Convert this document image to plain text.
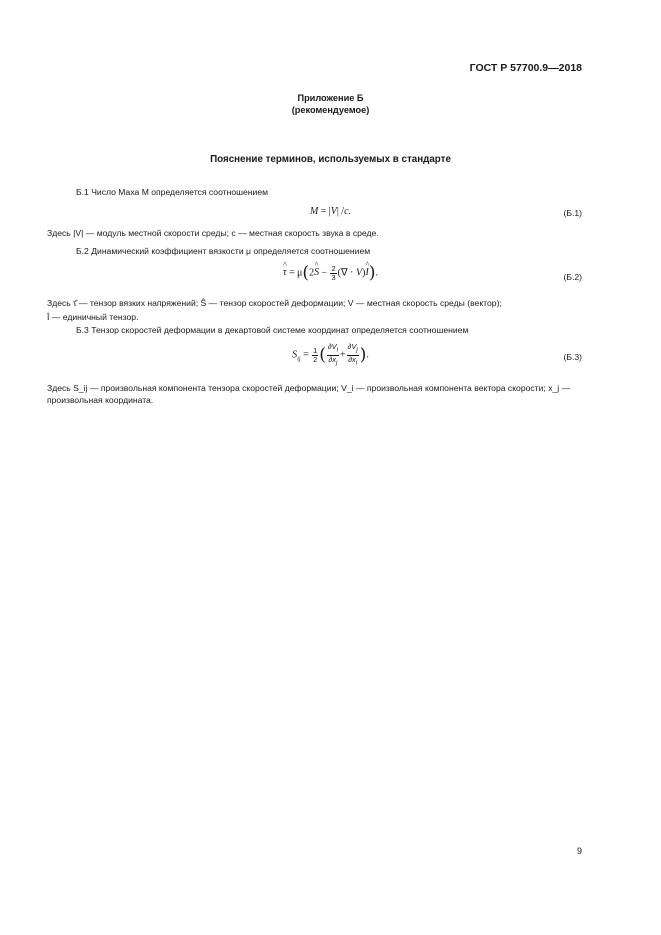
ГОСТ Р 57700.9—2018
Приложение Б
(рекомендуемое)
Пояснение терминов, используемых в стандарте
Б.1 Число Маха M определяется соотношением
M = |V| /c.	(Б.1)
Здесь |V| — модуль местной скорости среды; c — местная скорость звука в среде.
Б.2 Динамический коэффициент вязкости μ определяется соотношением
^ τ = μ(2^ $S - \frac{2}{3}$ (∇ · V)^ I).	(Б.2)
Здесь τ̂ — тензор вязких напряжений; Ŝ — тензор скоростей деформации; V — местная скорость среды (вектор);
Î — единичный тензор.
Б.3 Тензор скоростей деформации в декартовой системе координат определяется соотношением
$S_{ij} = \frac{1}{2}$ ( $\frac{\partial V_i}{\partial x_j} + \frac{\partial V_j}{\partial x_i}$ ).	(Б.3)
Здесь S_ij — произвольная компонента тензора скоростей деформации; V_i — произвольная компонента вектора скорости; x_j — произвольная координата.
9
